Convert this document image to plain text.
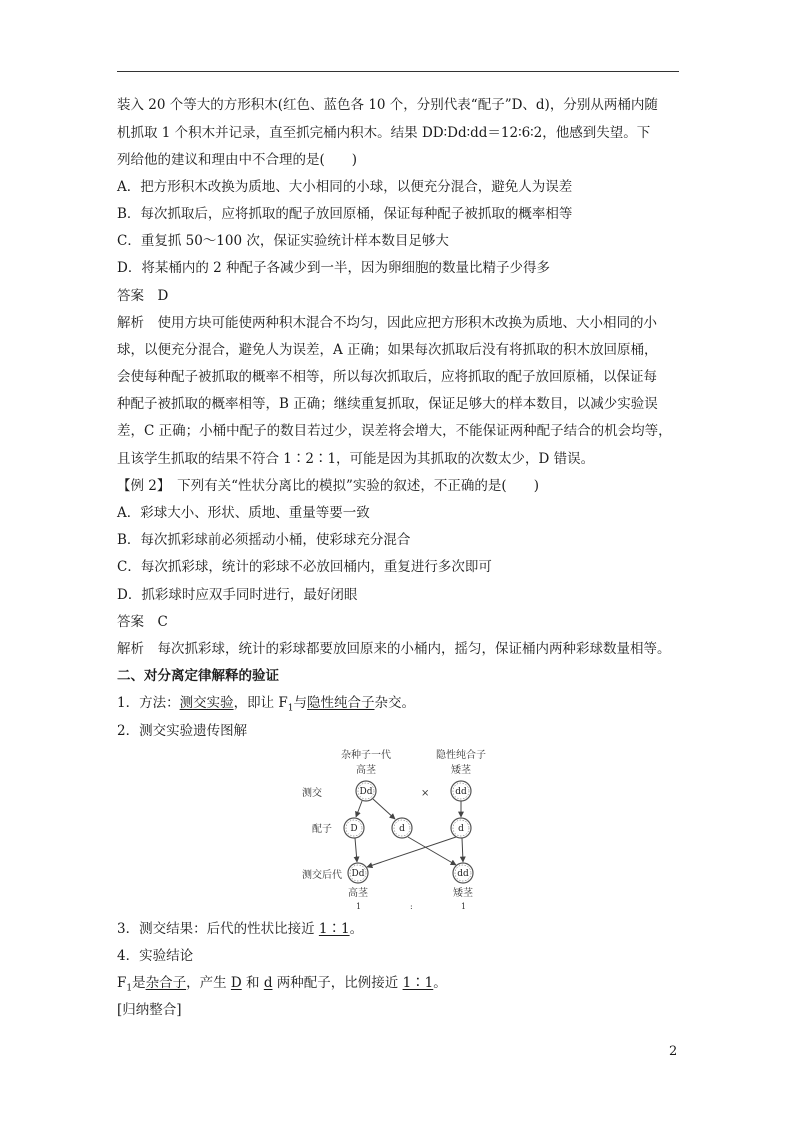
装入 20 个等大的方形积木(红色、蓝色各 10 个，分别代表“配子”D、d)，分别从两桶内随
机抓取 1 个积木并记录，直至抓完桶内积木。结果 DD∶Dd∶dd＝12∶6∶2，他感到失望。下
列给他的建议和理由中不合理的是(　　)
A．把方形积木改换为质地、大小相同的小球，以便充分混合，避免人为误差
B．每次抓取后，应将抓取的配子放回原桶，保证每种配子被抓取的概率相等
C．重复抓 50～100 次，保证实验统计样本数目足够大
D．将某桶内的 2 种配子各减少到一半，因为卵细胞的数量比精子少得多
答案　D
解析　使用方块可能使两种积木混合不均匀，因此应把方形积木改换为质地、大小相同的小
球，以便充分混合，避免人为误差，A 正确；如果每次抓取后没有将抓取的积木放回原桶，
会使每种配子被抓取的概率不相等，所以每次抓取后，应将抓取的配子放回原桶，以保证每
种配子被抓取的概率相等，B 正确；继续重复抓取，保证足够大的样本数目，以减少实验误
差，C 正确；小桶中配子的数目若过少，误差将会增大，不能保证两种配子结合的机会均等，
且该学生抓取的结果不符合 1∶2∶1，可能是因为其抓取的次数太少，D 错误。
【例 2】　下列有关“性状分离比的模拟”实验的叙述，不正确的是(　　)
A．彩球大小、形状、质地、重量等要一致
B．每次抓彩球前必须摇动小桶，使彩球充分混合
C．每次抓彩球，统计的彩球不必放回桶内，重复进行多次即可
D．抓彩球时应双手同时进行，最好闭眼
答案　C
解析　每次抓彩球，统计的彩球都要放回原来的小桶内，摇匀，保证桶内两种彩球数量相等。
二、对分离定律解释的验证
1．方法：测交实验，即让 $F_1$与隐性纯合子杂交。
2．测交实验遗传图解
杂种子一代	隐性纯合子
高茎	矮茎
测交	×
配子
测交后代
高茎	矮茎
1	:	1
Dd	dd
D	d	d
Dd	dd
3．测交结果：后代的性状比接近 1∶1。
4．实验结论
$F_1$是杂合子，产生 D 和 d 两种配子，比例接近 1∶1。
[归纳整合]
2
